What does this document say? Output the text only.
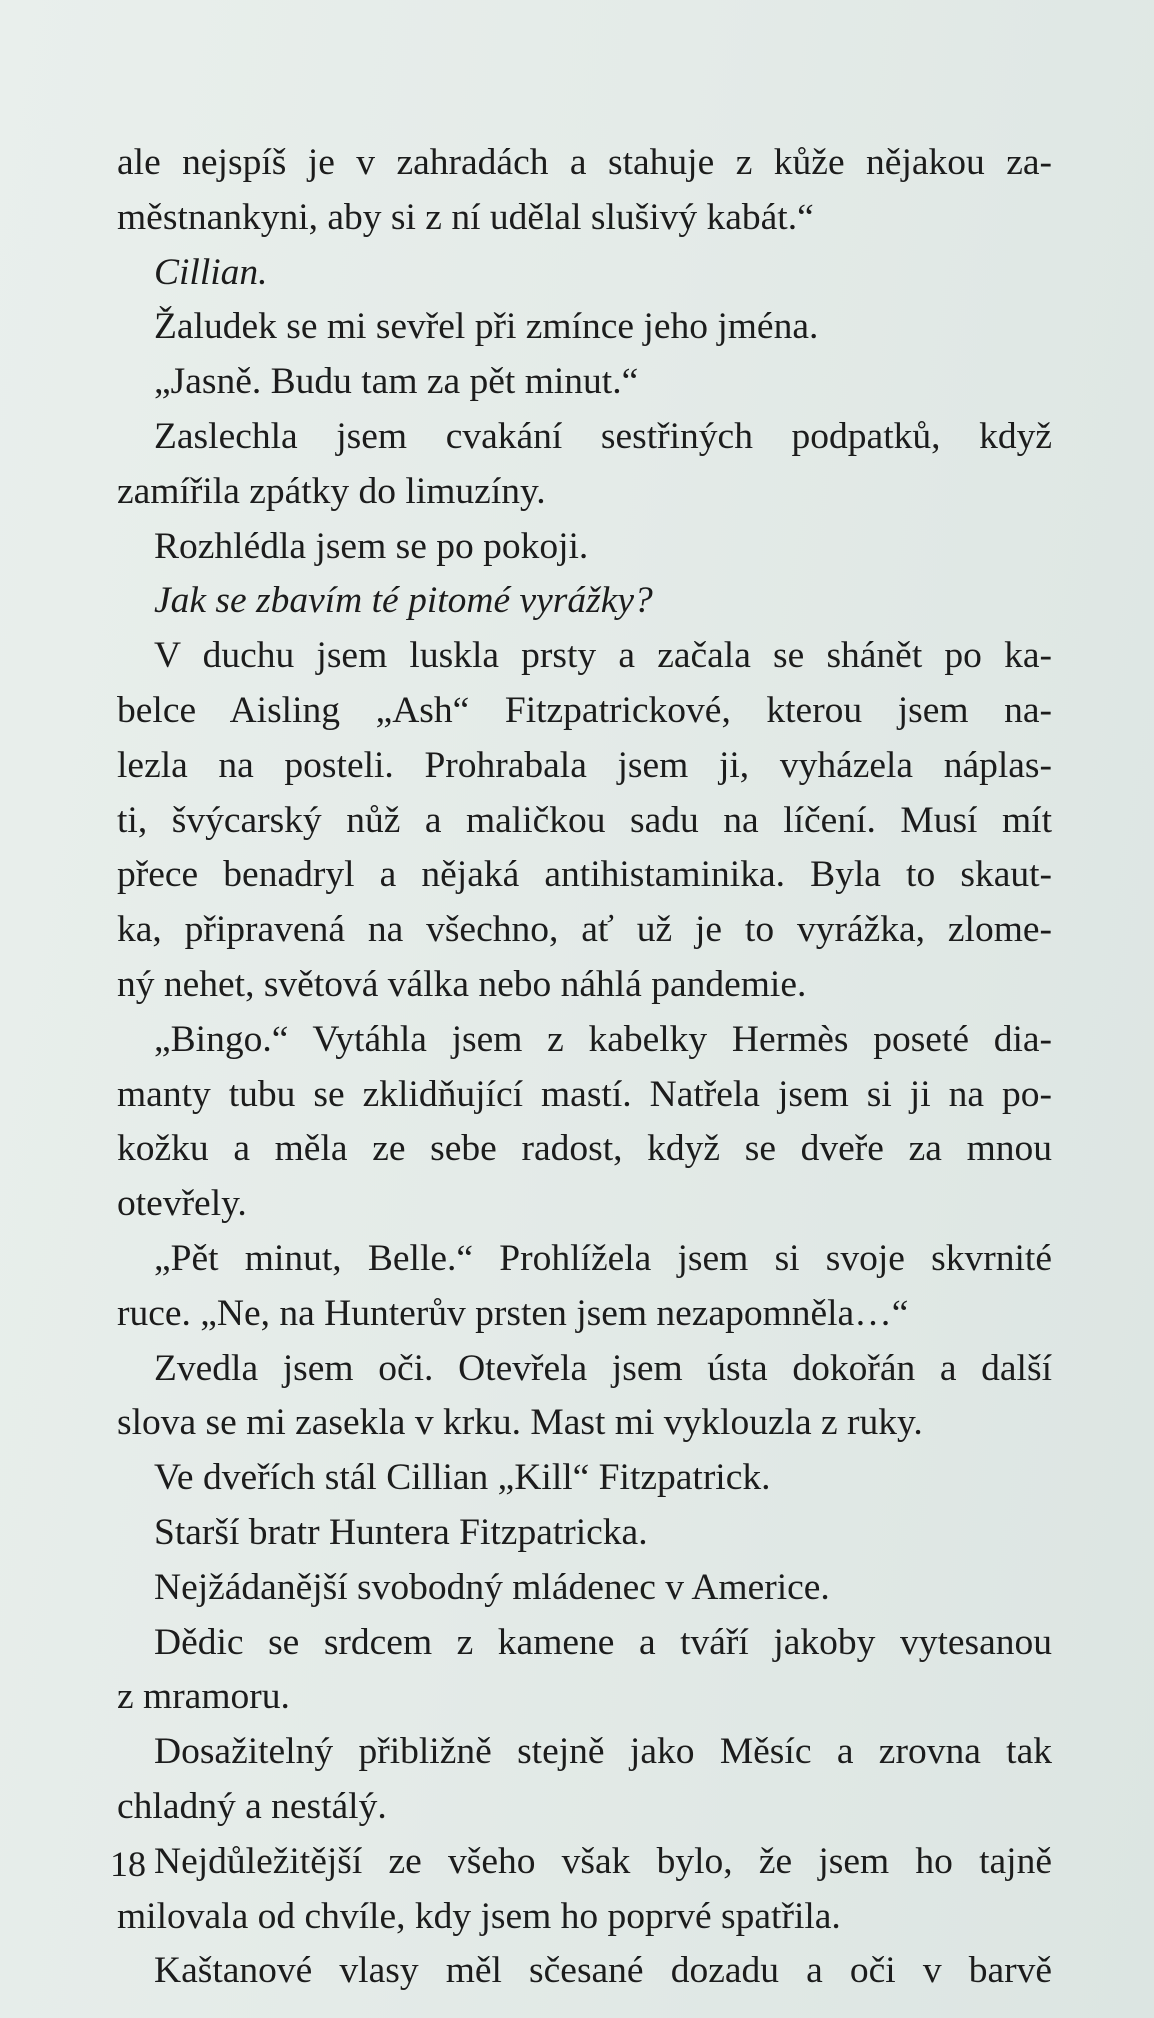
ale nejspíš je v zahradách a stahuje z kůže nějakou za-
městnankyni, aby si z ní udělal slušivý kabát.“
Cillian.
Žaludek se mi sevřel při zmínce jeho jména.
„Jasně. Budu tam za pět minut.“
Zaslechla jsem cvakání sestřiných podpatků, když
zamířila zpátky do limuzíny.
Rozhlédla jsem se po pokoji.
Jak se zbavím té pitomé vyrážky?
V duchu jsem luskla prsty a začala se shánět po ka-
belce Aisling „Ash“ Fitzpatrickové, kterou jsem na-
lezla na posteli. Prohrabala jsem ji, vyházela náplas-
ti, švýcarský nůž a maličkou sadu na líčení. Musí mít
přece benadryl a nějaká antihistaminika. Byla to skaut-
ka, připravená na všechno, ať už je to vyrážka, zlome-
ný nehet, světová válka nebo náhlá pandemie.
„Bingo.“ Vytáhla jsem z kabelky Hermès poseté dia-
manty tubu se zklidňující mastí. Natřela jsem si ji na po-
kožku a měla ze sebe radost, když se dveře za mnou
otevřely.
„Pět minut, Belle.“ Prohlížela jsem si svoje skvrnité
ruce. „Ne, na Hunterův prsten jsem nezapomněla…“
Zvedla jsem oči. Otevřela jsem ústa dokořán a další
slova se mi zasekla v krku. Mast mi vyklouzla z ruky.
Ve dveřích stál Cillian „Kill“ Fitzpatrick.
Starší bratr Huntera Fitzpatricka.
Nejžádanější svobodný mládenec v Americe.
Dědic se srdcem z kamene a tváří jakoby vytesanou
z mramoru.
Dosažitelný přibližně stejně jako Měsíc a zrovna tak
chladný a nestálý.
Nejdůležitější ze všeho však bylo, že jsem ho tajně
milovala od chvíle, kdy jsem ho poprvé spatřila.
Kaštanové vlasy měl sčesané dozadu a oči v barvě
18
